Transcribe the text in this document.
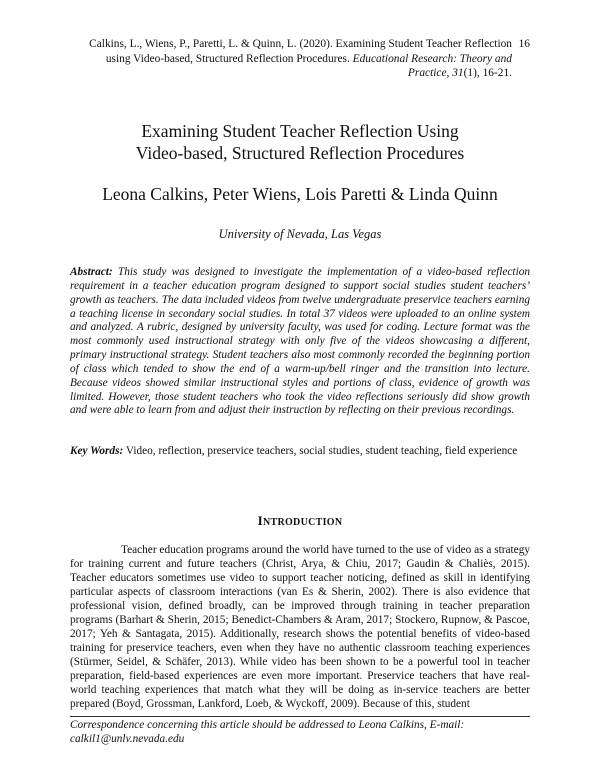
Calkins, L., Wiens, P., Paretti, L. & Quinn, L. (2020). Examining Student Teacher Reflection 16
using Video-based, Structured Reflection Procedures. Educational Research: Theory and Practice, 31(1), 16-21.
Examining Student Teacher Reflection Using
Video-based, Structured Reflection Procedures
Leona Calkins, Peter Wiens, Lois Paretti & Linda Quinn
University of Nevada, Las Vegas
Abstract: This study was designed to investigate the implementation of a video-based reflection requirement in a teacher education program designed to support social studies student teachers’ growth as teachers. The data included videos from twelve undergraduate preservice teachers earning a teaching license in secondary social studies. In total 37 videos were uploaded to an online system and analyzed. A rubric, designed by university faculty, was used for coding. Lecture format was the most commonly used instructional strategy with only five of the videos showcasing a different, primary instructional strategy. Student teachers also most commonly recorded the beginning portion of class which tended to show the end of a warm-up/bell ringer and the transition into lecture. Because videos showed similar instructional styles and portions of class, evidence of growth was limited. However, those student teachers who took the video reflections seriously did show growth and were able to learn from and adjust their instruction by reflecting on their previous recordings.
Key Words: Video, reflection, preservice teachers, social studies, student teaching, field experience
INTRODUCTION
Teacher education programs around the world have turned to the use of video as a strategy for training current and future teachers (Christ, Arya, & Chiu, 2017; Gaudin & Chaliès, 2015). Teacher educators sometimes use video to support teacher noticing, defined as skill in identifying particular aspects of classroom interactions (van Es & Sherin, 2002). There is also evidence that professional vision, defined broadly, can be improved through training in teacher preparation programs (Barhart & Sherin, 2015; Benedict-Chambers & Aram, 2017; Stockero, Rupnow, & Pascoe, 2017; Yeh & Santagata, 2015). Additionally, research shows the potential benefits of video-based training for preservice teachers, even when they have no authentic classroom teaching experiences (Stürmer, Seidel, & Schäfer, 2013). While video has been shown to be a powerful tool in teacher preparation, field-based experiences are even more important. Preservice teachers that have real-world teaching experiences that match what they will be doing as in-service teachers are better prepared (Boyd, Grossman, Lankford, Loeb, & Wyckoff, 2009). Because of this, student
Correspondence concerning this article should be addressed to Leona Calkins, E-mail:
calkil1@unlv.nevada.edu
